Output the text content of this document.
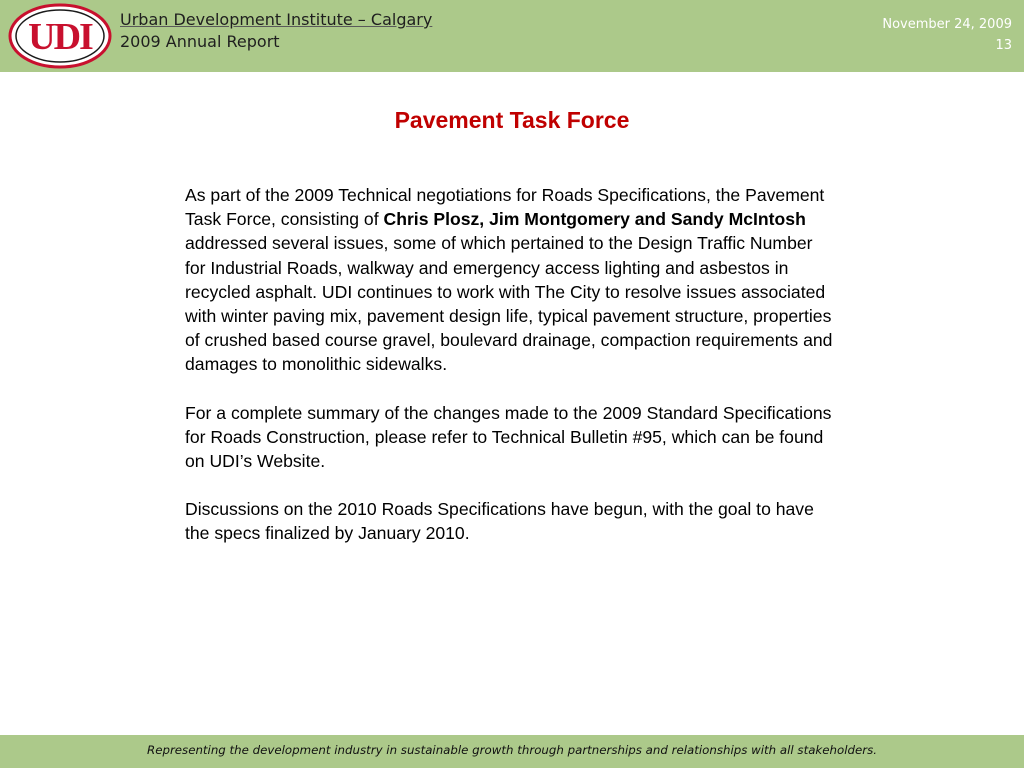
UDI Urban Development Institute – Calgary
2009 Annual Report
November 24, 2009
13
Pavement Task Force

As part of the 2009 Technical negotiations for Roads Specifications, the Pavement Task Force, consisting of Chris Plosz, Jim Montgomery and Sandy McIntosh addressed several issues, some of which pertained to the Design Traffic Number for Industrial Roads, walkway and emergency access lighting and asbestos in recycled asphalt. UDI continues to work with The City to resolve issues associated with winter paving mix, pavement design life, typical pavement structure, properties of crushed based course gravel, boulevard drainage, compaction requirements and damages to monolithic sidewalks.

For a complete summary of the changes made to the 2009 Standard Specifications for Roads Construction, please refer to Technical Bulletin #95, which can be found on UDI’s Website.

Discussions on the 2010 Roads Specifications have begun, with the goal to have the specs finalized by January 2010.

Representing the development industry in sustainable growth through partnerships and relationships with all stakeholders.
